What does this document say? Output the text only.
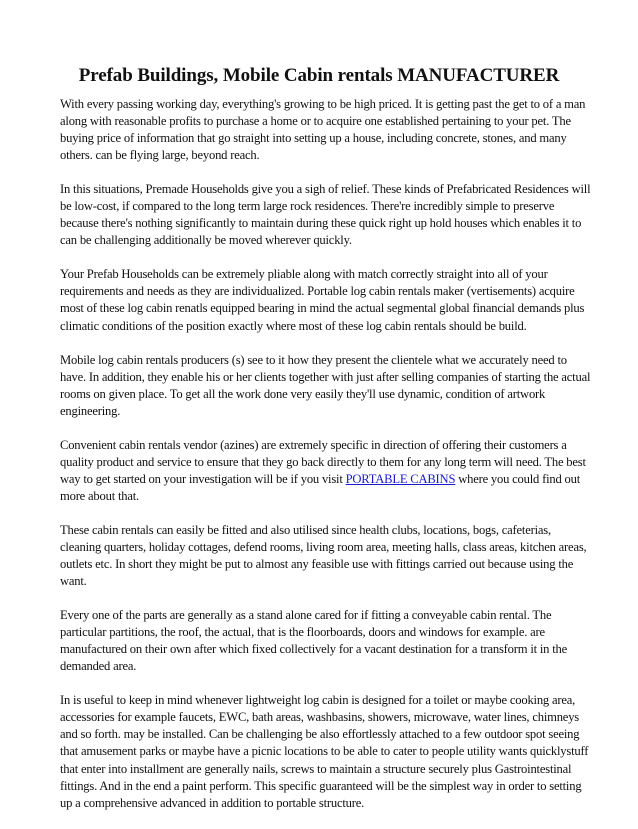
Prefab Buildings, Mobile Cabin rentals MANUFACTURER

With every passing working day, everything's growing to be high priced. It is getting past the get to of a man along with reasonable profits to purchase a home or to acquire one established pertaining to your pet. The buying price of information that go straight into setting up a house, including concrete, stones, and many others. can be flying large, beyond reach.

In this situations, Premade Households give you a sigh of relief. These kinds of Prefabricated Residences will be low-cost, if compared to the long term large rock residences. There're incredibly simple to preserve because there's nothing significantly to maintain during these quick right up hold houses which enables it to can be challenging additionally be moved wherever quickly.

Your Prefab Households can be extremely pliable along with match correctly straight into all of your requirements and needs as they are individualized. Portable log cabin rentals maker (vertisements) acquire most of these log cabin renatls equipped bearing in mind the actual segmental global financial demands plus climatic conditions of the position exactly where most of these log cabin rentals should be build.

Mobile log cabin rentals producers (s) see to it how they present the clientele what we accurately need to have. In addition, they enable his or her clients together with just after selling companies of starting the actual rooms on given place. To get all the work done very easily they'll use dynamic, condition of artwork engineering.

Convenient cabin rentals vendor (azines) are extremely specific in direction of offering their customers a quality product and service to ensure that they go back directly to them for any long term will need. The best way to get started on your investigation will be if you visit PORTABLE CABINS where you could find out more about that.

These cabin rentals can easily be fitted and also utilised since health clubs, locations, bogs, cafeterias, cleaning quarters, holiday cottages, defend rooms, living room area, meeting halls, class areas, kitchen areas, outlets etc. In short they might be put to almost any feasible use with fittings carried out because using the want.

Every one of the parts are generally as a stand alone cared for if fitting a conveyable cabin rental. The particular partitions, the roof, the actual, that is the floorboards, doors and windows for example. are manufactured on their own after which fixed collectively for a vacant destination for a transform it in the demanded area.

In is useful to keep in mind whenever lightweight log cabin is designed for a toilet or maybe cooking area, accessories for example faucets, EWC, bath areas, washbasins, showers, microwave, water lines, chimneys and so forth. may be installed. Can be challenging be also effortlessly attached to a few outdoor spot seeing that amusement parks or maybe have a picnic locations to be able to cater to people utility wants quicklystuff that enter into installment are generally nails, screws to maintain a structure securely plus Gastrointestinal fittings. And in the end a paint perform. This specific guaranteed will be the simplest way in order to setting up a comprehensive advanced in addition to portable structure.
